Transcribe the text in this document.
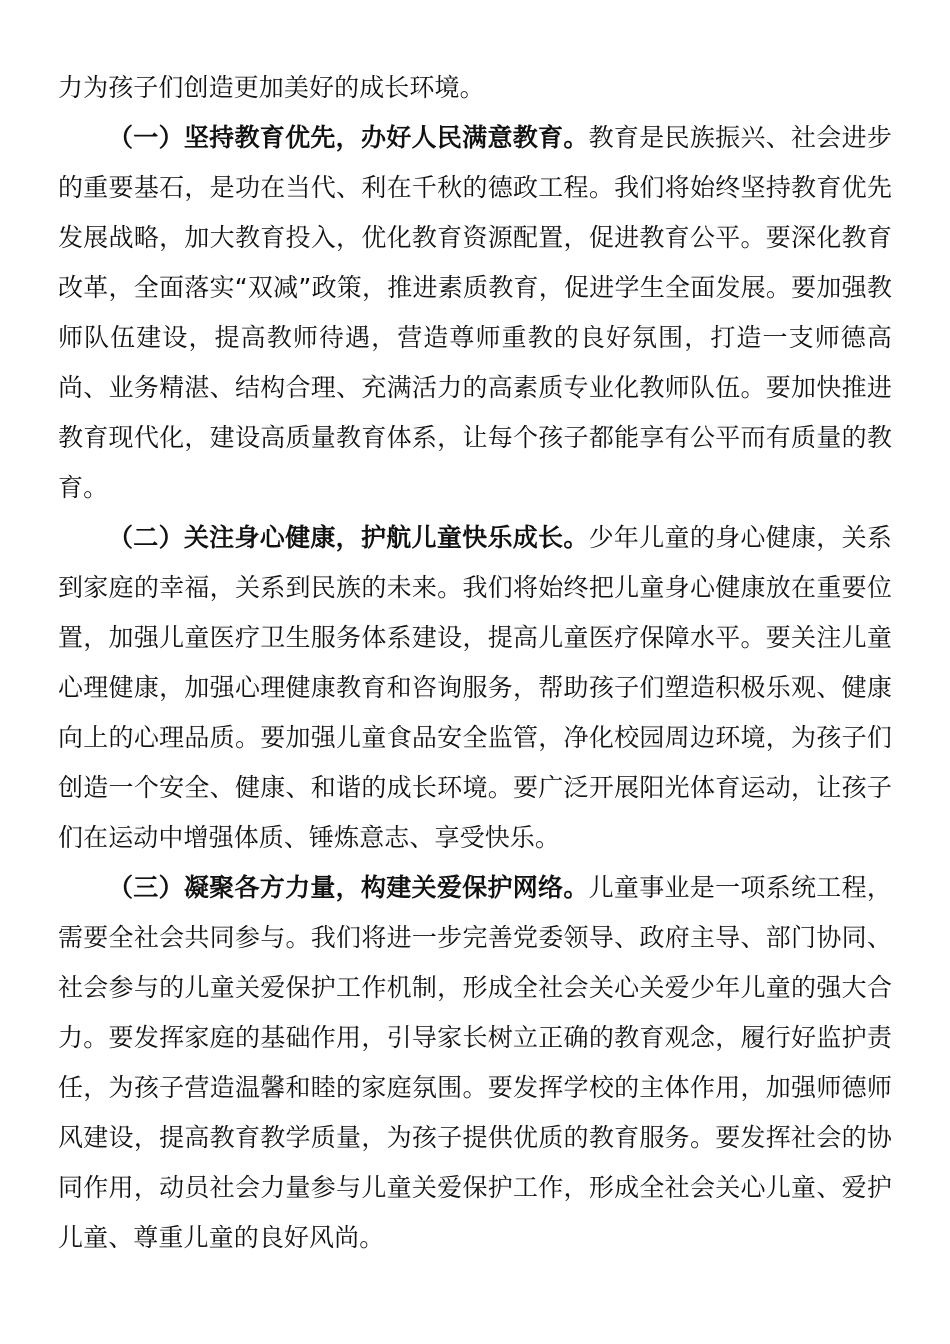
力为孩子们创造更加美好的成长环境。

（一）坚持教育优先，办好人民满意教育。教育是民族振兴、社会进步的重要基石，是功在当代、利在千秋的德政工程。我们将始终坚持教育优先发展战略，加大教育投入，优化教育资源配置，促进教育公平。要深化教育改革，全面落实“双减”政策，推进素质教育，促进学生全面发展。要加强教师队伍建设，提高教师待遇，营造尊师重教的良好氛围，打造一支师德高尚、业务精湛、结构合理、充满活力的高素质专业化教师队伍。要加快推进教育现代化，建设高质量教育体系，让每个孩子都能享有公平而有质量的教育。

（二）关注身心健康，护航儿童快乐成长。少年儿童的身心健康，关系到家庭的幸福，关系到民族的未来。我们将始终把儿童身心健康放在重要位置，加强儿童医疗卫生服务体系建设，提高儿童医疗保障水平。要关注儿童心理健康，加强心理健康教育和咨询服务，帮助孩子们塑造积极乐观、健康向上的心理品质。要加强儿童食品安全监管，净化校园周边环境，为孩子们创造一个安全、健康、和谐的成长环境。要广泛开展阳光体育运动，让孩子们在运动中增强体质、锤炼意志、享受快乐。

（三）凝聚各方力量，构建关爱保护网络。儿童事业是一项系统工程，需要全社会共同参与。我们将进一步完善党委领导、政府主导、部门协同、社会参与的儿童关爱保护工作机制，形成全社会关心关爱少年儿童的强大合力。要发挥家庭的基础作用，引导家长树立正确的教育观念，履行好监护责任，为孩子营造温馨和睦的家庭氛围。要发挥学校的主体作用，加强师德师风建设，提高教育教学质量，为孩子提供优质的教育服务。要发挥社会的协同作用，动员社会力量参与儿童关爱保护工作，形成全社会关心儿童、爱护儿童、尊重儿童的良好风尚。
